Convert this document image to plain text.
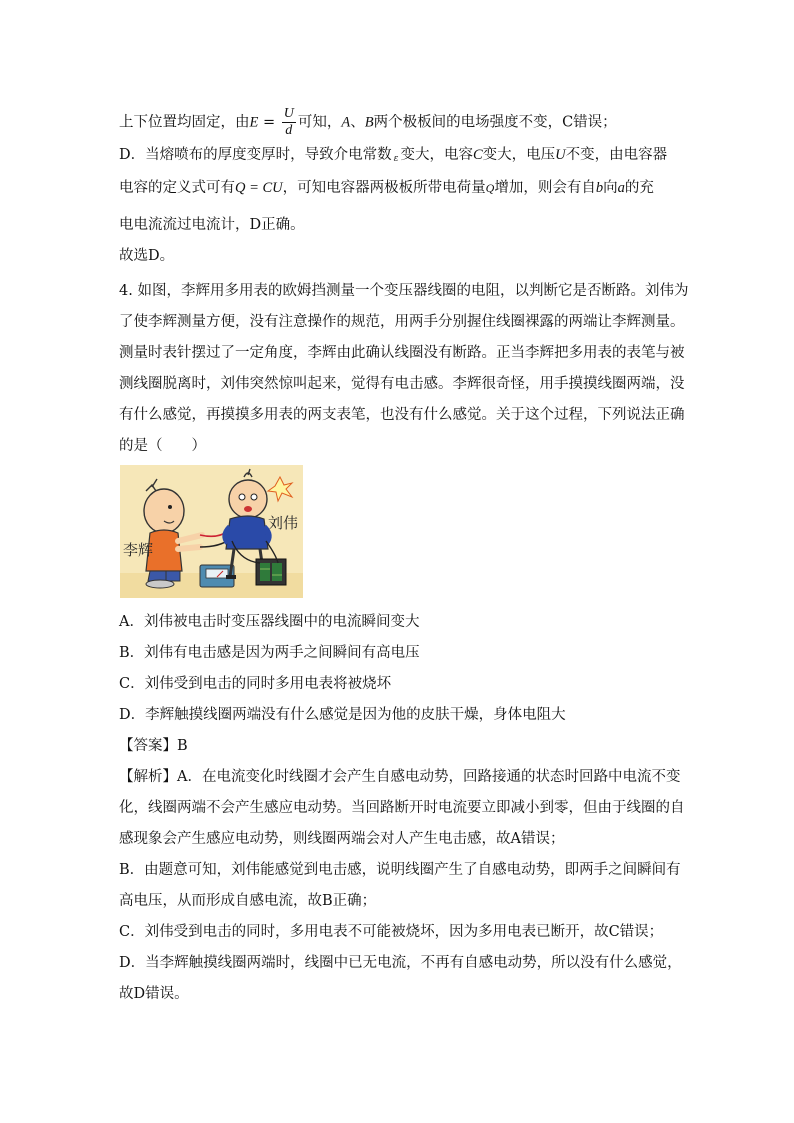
上下位置均固定，由$E = \frac{U}{d}$ 可知，A、B两个极板间的电场强度不变，C错误；
D．当熔喷布的厚度变厚时，导致介电常数 $_\varepsilon$ 变大，电容C变大，电压U不变，由电容器
电容的定义式可有Q = CU，可知电容器两极板所带电荷量Q增加，则会有自b向a的充
电电流流过电流计，D正确。
故选D。
4. 如图，李辉用多用表的欧姆挡测量一个变压器线圈的电阻，以判断它是否断路。刘伟为
了使李辉测量方便，没有注意操作的规范，用两手分别握住线圈裸露的两端让李辉测量。
测量时表针摆过了一定角度，李辉由此确认线圈没有断路。正当李辉把多用表的表笔与被
测线圈脱离时，刘伟突然惊叫起来，觉得有电击感。李辉很奇怪，用手摸摸线圈两端，没
有什么感觉，再摸摸多用表的两支表笔，也没有什么感觉。关于这个过程，下列说法正确
的是（　　）
李辉
刘伟
A．刘伟被电击时变压器线圈中的电流瞬间变大
B．刘伟有电击感是因为两手之间瞬间有高电压
C．刘伟受到电击的同时多用电表将被烧坏
D．李辉触摸线圈两端没有什么感觉是因为他的皮肤干燥，身体电阻大
【答案】B
【解析】A．在电流变化时线圈才会产生自感电动势，回路接通的状态时回路中电流不变
化，线圈两端不会产生感应电动势。当回路断开时电流要立即减小到零，但由于线圈的自
感现象会产生感应电动势，则线圈两端会对人产生电击感，故A错误；
B．由题意可知，刘伟能感觉到电击感，说明线圈产生了自感电动势，即两手之间瞬间有
高电压，从而形成自感电流，故B正确；
C．刘伟受到电击的同时，多用电表不可能被烧坏，因为多用电表已断开，故C错误；
D．当李辉触摸线圈两端时，线圈中已无电流，不再有自感电动势，所以没有什么感觉，
故D错误。
